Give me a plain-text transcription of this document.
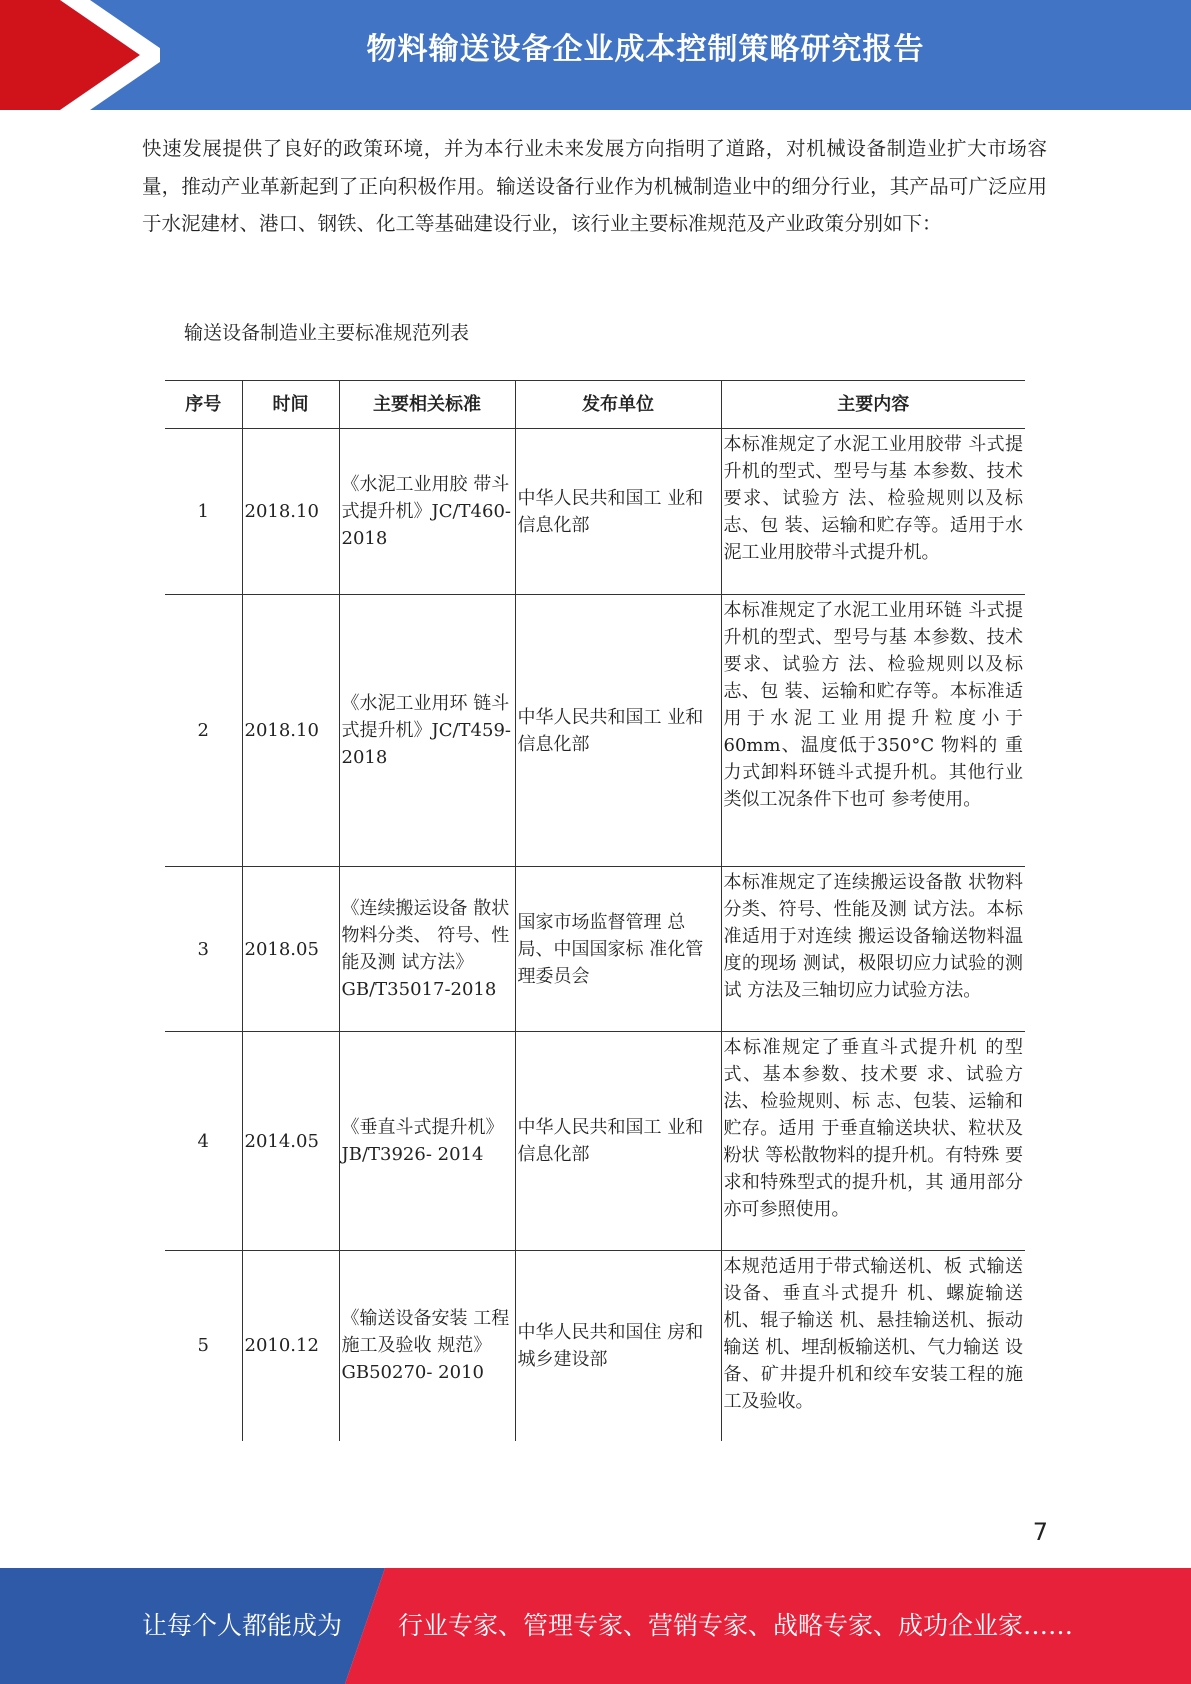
物料输送设备企业成本控制策略研究报告
快速发展提供了良好的政策环境，并为本行业未来发展方向指明了道路，对机械设备制造业扩大市场容量，推动产业革新起到了正向积极作用。输送设备行业作为机械制造业中的细分行业，其产品可广泛应用于水泥建材、港口、钢铁、化工等基础建设行业，该行业主要标准规范及产业政策分别如下：
输送设备制造业主要标准规范列表
序号	时间	主要相关标准	发布单位	主要内容
1	2018.10	《水泥工业用胶 带斗式提升机》JC/T460-2018	中华人民共和国工 业和信息化部	本标准规定了水泥工业用胶带 斗式提升机的型式、型号与基 本参数、技术要求、试验方 法、检验规则以及标志、包 装、运输和贮存等。适用于水 泥工业用胶带斗式提升机。
2	2018.10	《水泥工业用环 链斗式提升机》JC/T459-2018	中华人民共和国工 业和信息化部	本标准规定了水泥工业用环链 斗式提升机的型式、型号与基 本参数、技术要求、试验方 法、检验规则以及标志、包 装、运输和贮存等。本标准适 用于水泥工业用提升粒度小于 60mm、温度低于350°C 物料的 重力式卸料环链斗式提升机。其他行业类似工况条件下也可 参考使用。
3	2018.05	《连续搬运设备 散状物料分类、 符号、性能及测 试方法》GB/T35017-2018	国家市场监督管理 总局、中国国家标 准化管理委员会	本标准规定了连续搬运设备散 状物料分类、符号、性能及测 试方法。本标准适用于对连续 搬运设备输送物料温度的现场 测试，极限切应力试验的测试 方法及三轴切应力试验方法。
4	2014.05	《垂直斗式提升机》JB/T3926- 2014	中华人民共和国工 业和信息化部	本标准规定了垂直斗式提升机 的型式、基本参数、技术要 求、试验方法、检验规则、标 志、包装、运输和贮存。适用 于垂直输送块状、粒状及粉状 等松散物料的提升机。有特殊 要求和特殊型式的提升机，其 通用部分亦可参照使用。
5	2010.12	《输送设备安装 工程施工及验收 规范》GB50270- 2010	中华人民共和国住 房和城乡建设部	本规范适用于带式输送机、板 式输送设备、垂直斗式提升 机、螺旋输送机、辊子输送 机、悬挂输送机、振动输送 机、埋刮板输送机、气力输送 设备、矿井提升机和绞车安装工程的施工及验收。
7
让每个人都能成为 行业专家、管理专家、营销专家、战略专家、成功企业家……
